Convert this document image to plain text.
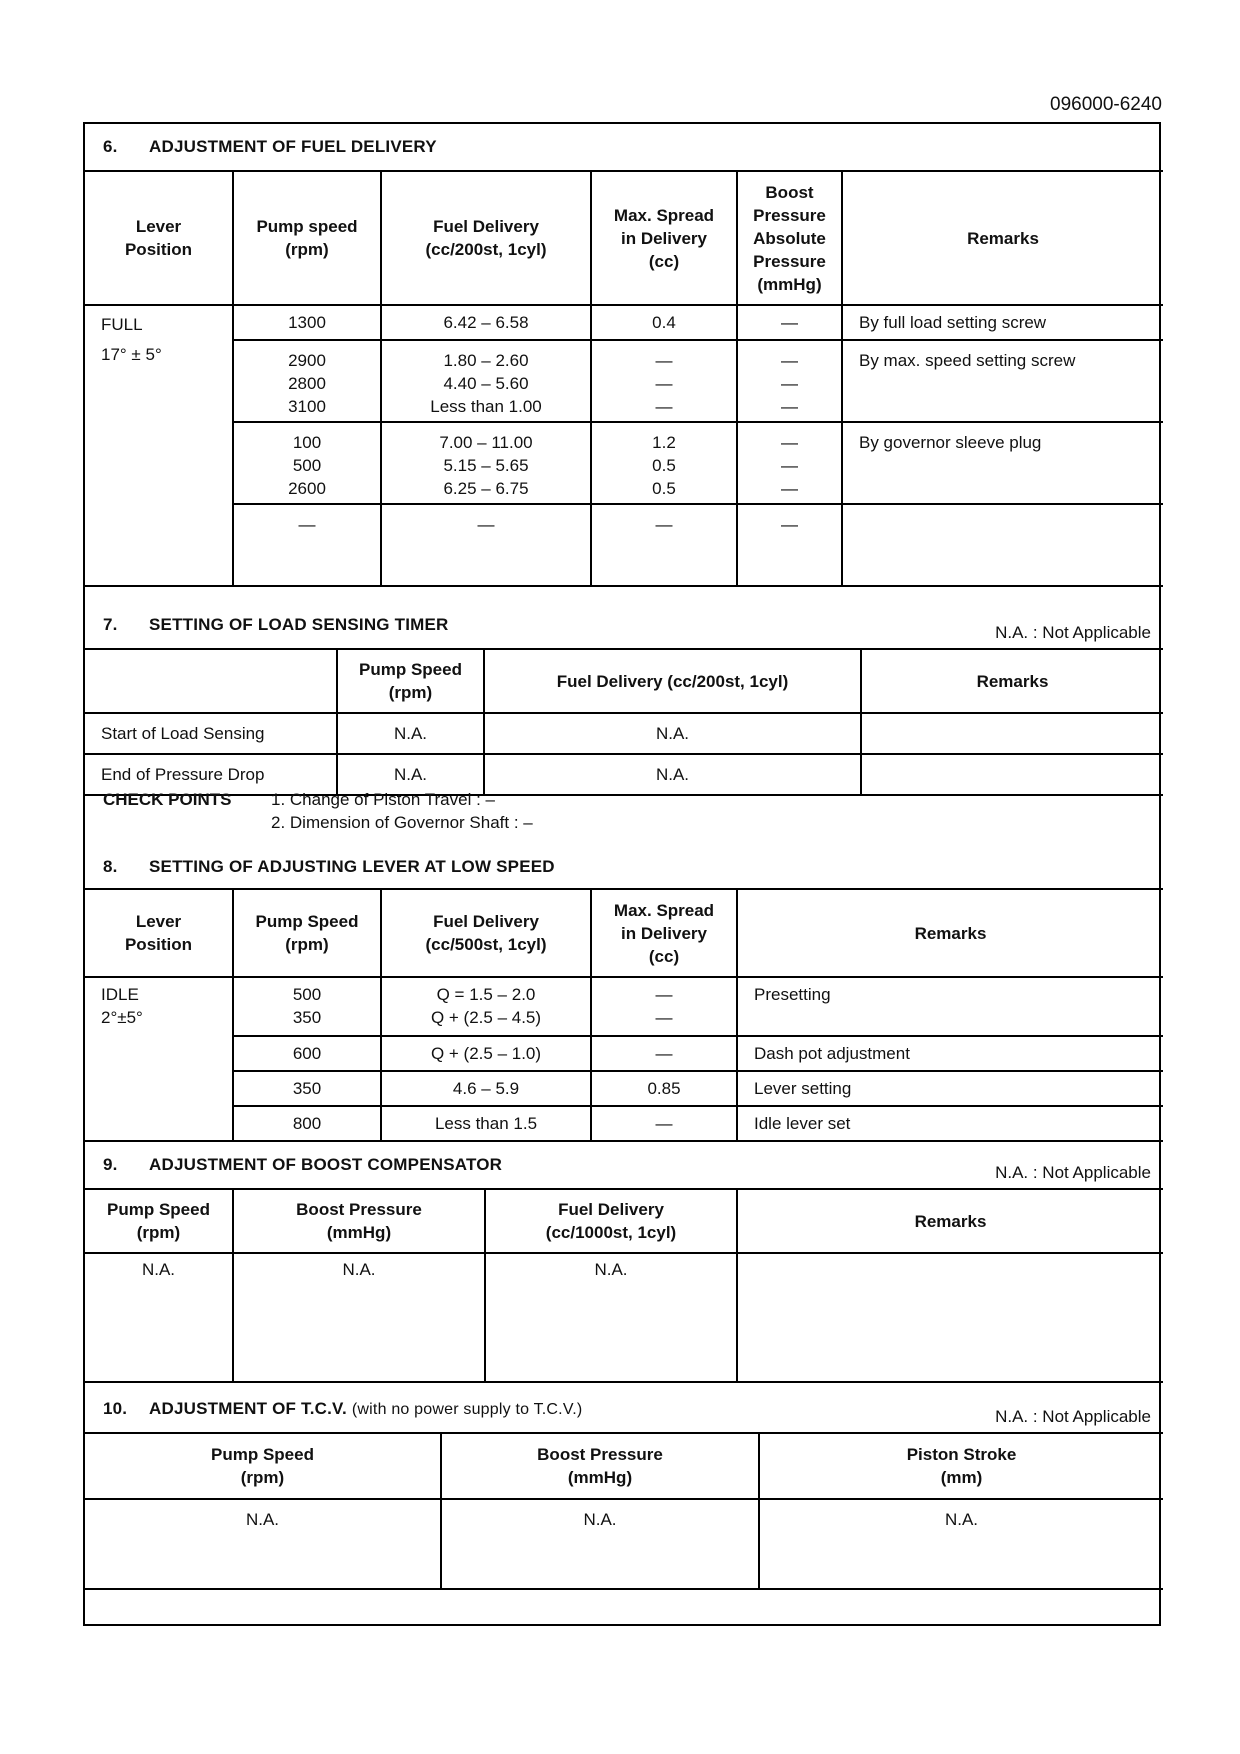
096000-6240
6. ADJUSTMENT OF FUEL DELIVERY
Lever
Position	Pump speed
(rpm)	Fuel Delivery
(cc/200st, 1cyl)	Max. Spread
in Delivery
(cc)	Boost
Pressure
Absolute
Pressure
(mmHg)	Remarks
FULL
17° ± 5°	1300	6.42 – 6.58	0.4	—	By full load setting screw
	2900
2800
3100	1.80 – 2.60
4.40 – 5.60
Less than 1.00	—
—
—	—
—
—	By max. speed setting screw
	100
500
2600	7.00 – 11.00
5.15 – 5.65
6.25 – 6.75	1.2
0.5
0.5	—
—
—	By governor sleeve plug
	—	—	—	—	
7. SETTING OF LOAD SENSING TIMER	N.A. : Not Applicable
	Pump Speed
(rpm)	Fuel Delivery (cc/200st, 1cyl)	Remarks
Start of Load Sensing	N.A.	N.A.	
End of Pressure Drop	N.A.	N.A.	
CHECK POINTS 1. Change of Piston Travel : –
2. Dimension of Governor Shaft : –
8. SETTING OF ADJUSTING LEVER AT LOW SPEED
Lever
Position	Pump Speed
(rpm)	Fuel Delivery
(cc/500st, 1cyl)	Max. Spread
in Delivery
(cc)	Remarks
IDLE
2°±5°	500
350	Q = 1.5 – 2.0
Q + (2.5 – 4.5)	—
—	Presetting
	600	Q + (2.5 – 1.0)	—	Dash pot adjustment
	350	4.6 – 5.9	0.85	Lever setting
	800	Less than 1.5	—	Idle lever set
9. ADJUSTMENT OF BOOST COMPENSATOR	N.A. : Not Applicable
Pump Speed
(rpm)	Boost Pressure
(mmHg)	Fuel Delivery
(cc/1000st, 1cyl)	Remarks
N.A.	N.A.	N.A.	
10. ADJUSTMENT OF T.C.V. (with no power supply to T.C.V.)	N.A. : Not Applicable
Pump Speed
(rpm)	Boost Pressure
(mmHg)	Piston Stroke
(mm)
N.A.	N.A.	N.A.
